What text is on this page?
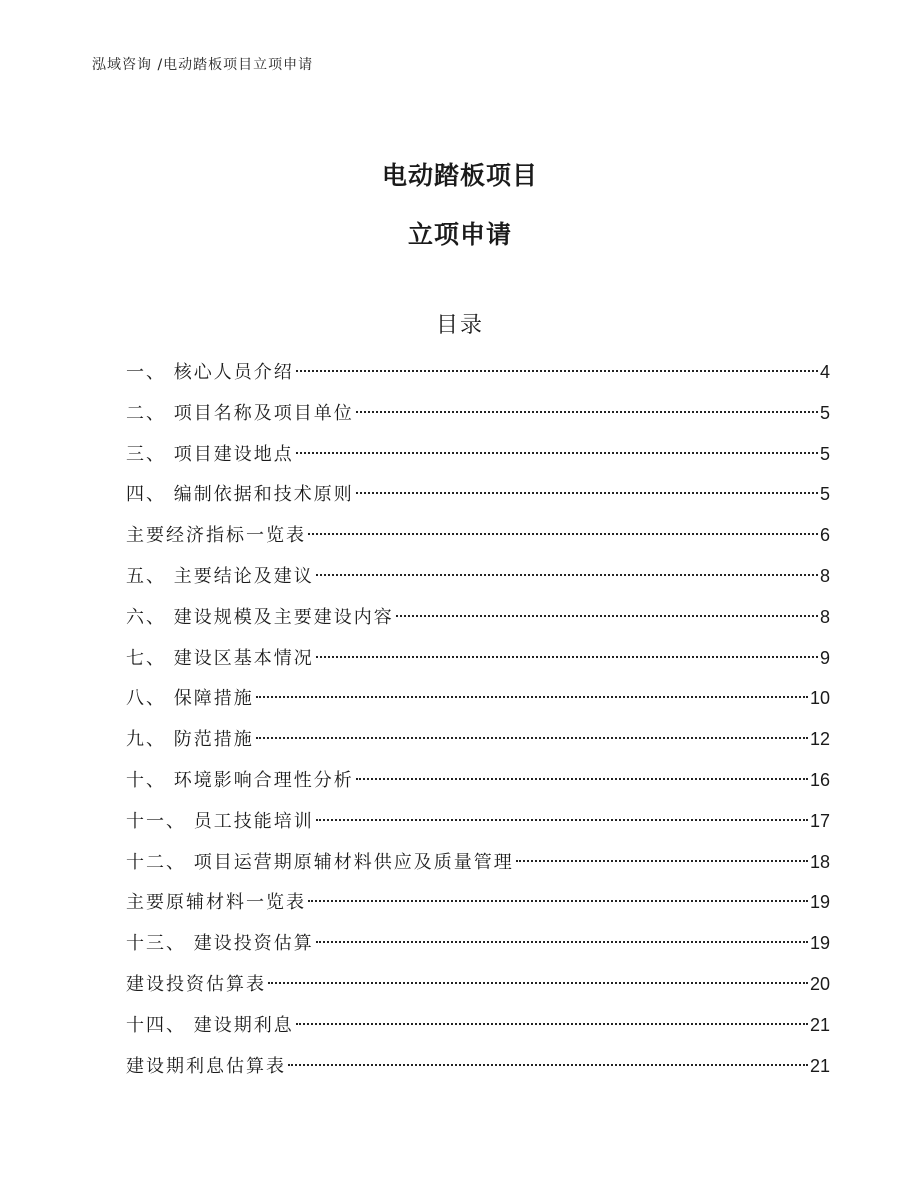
泓域咨询 /电动踏板项目立项申请
电动踏板项目
立项申请
目录
一、 核心人员介绍	4
二、 项目名称及项目单位	5
三、 项目建设地点	5
四、 编制依据和技术原则	5
主要经济指标一览表	6
五、 主要结论及建议	8
六、 建设规模及主要建设内容	8
七、 建设区基本情况	9
八、 保障措施	10
九、 防范措施	12
十、 环境影响合理性分析	16
十一、 员工技能培训	17
十二、 项目运营期原辅材料供应及质量管理	18
主要原辅材料一览表	19
十三、 建设投资估算	19
建设投资估算表	20
十四、 建设期利息	21
建设期利息估算表	21
